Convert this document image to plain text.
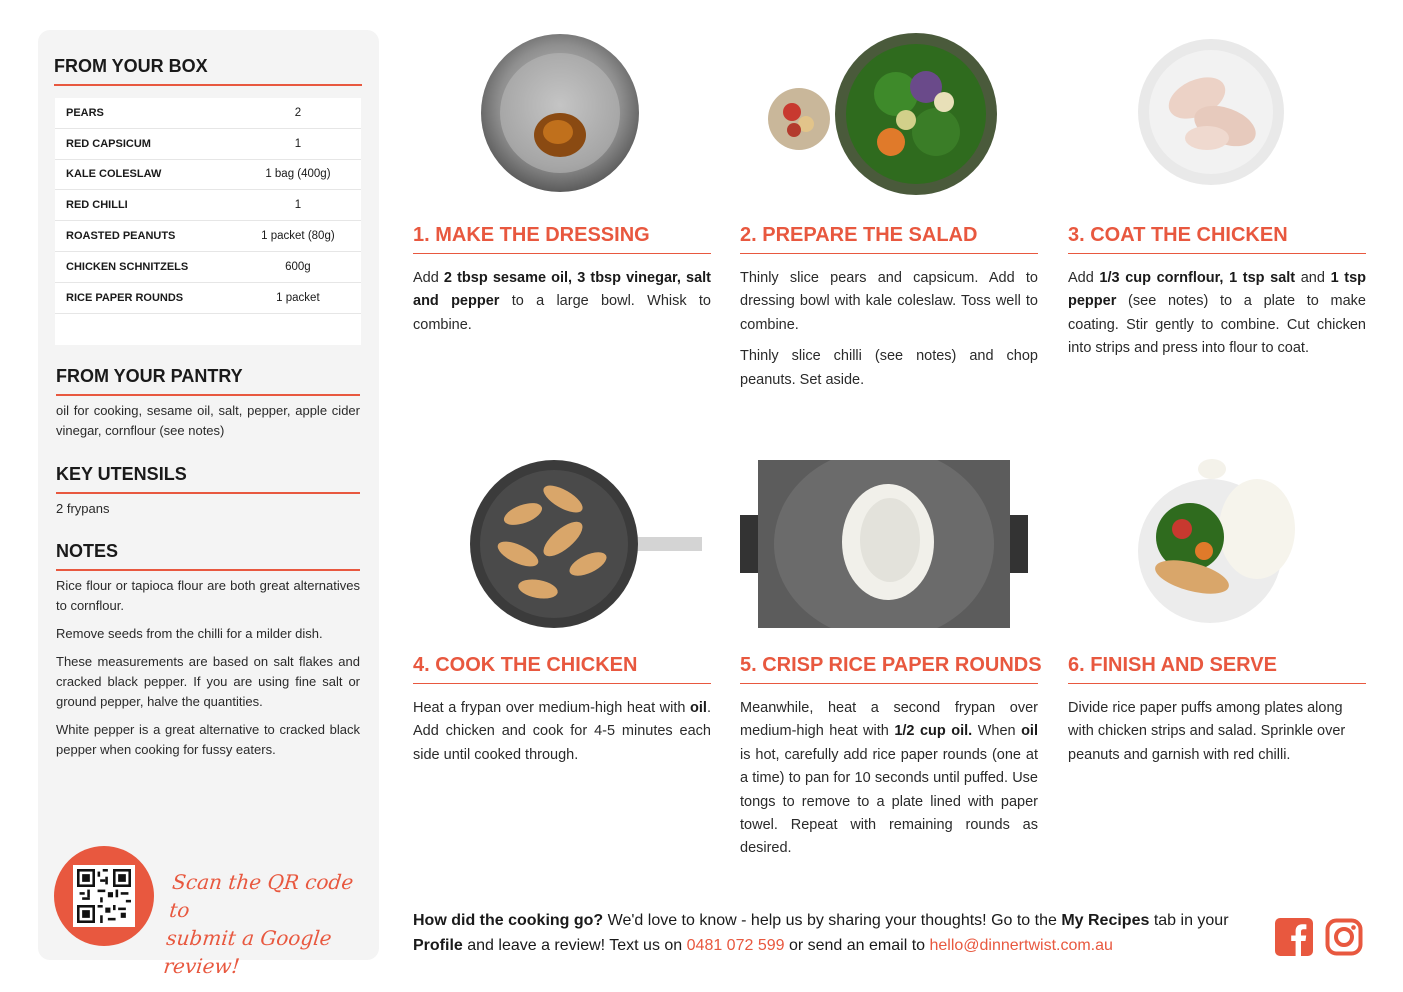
FROM YOUR BOX
PEARS	2
RED CAPSICUM	1
KALE COLESLAW	1 bag (400g)
RED CHILLI	1
ROASTED PEANUTS	1 packet (80g)
CHICKEN SCHNITZELS	600g
RICE PAPER ROUNDS	1 packet
FROM YOUR PANTRY
oil for cooking, sesame oil, salt, pepper, apple cider vinegar, cornflour (see notes)
KEY UTENSILS
2 frypans
NOTES

Rice flour or tapioca flour are both great alternatives to cornflour.

Remove seeds from the chilli for a milder dish.

These measurements are based on salt flakes and cracked black pepper. If you are using fine salt or ground pepper, halve the quantities.

White pepper is a great alternative to cracked black pepper when cooking for fussy eaters.

Scan the QR code to
submit a Google review!
1. MAKE THE DRESSING

Add 2 tbsp sesame oil, 3 tbsp vinegar, salt and pepper to a large bowl. Whisk to combine.

2. PREPARE THE SALAD

Thinly slice pears and capsicum. Add to dressing bowl with kale coleslaw. Toss well to combine.

Thinly slice chilli (see notes) and chop peanuts. Set aside.

3. COAT THE CHICKEN

Add 1/3 cup cornflour, 1 tsp salt and 1 tsp pepper (see notes) to a plate to make coating. Stir gently to combine. Cut chicken into strips and press into flour to coat.

4. COOK THE CHICKEN

Heat a frypan over medium-high heat with oil. Add chicken and cook for 4-5 minutes each side until cooked through.

5. CRISP RICE PAPER ROUNDS

Meanwhile, heat a second frypan over medium-high heat with 1/2 cup oil. When oil is hot, carefully add rice paper rounds (one at a time) to pan for 10 seconds until puffed. Use tongs to remove to a plate lined with paper towel. Repeat with remaining rounds as desired.

6. FINISH AND SERVE

Divide rice paper puffs among plates along with chicken strips and salad. Sprinkle over peanuts and garnish with red chilli.

How did the cooking go? We'd love to know - help us by sharing your thoughts! Go to the My Recipes tab in your Profile and leave a review! Text us on 0481 072 599 or send an email to hello@dinnertwist.com.au
